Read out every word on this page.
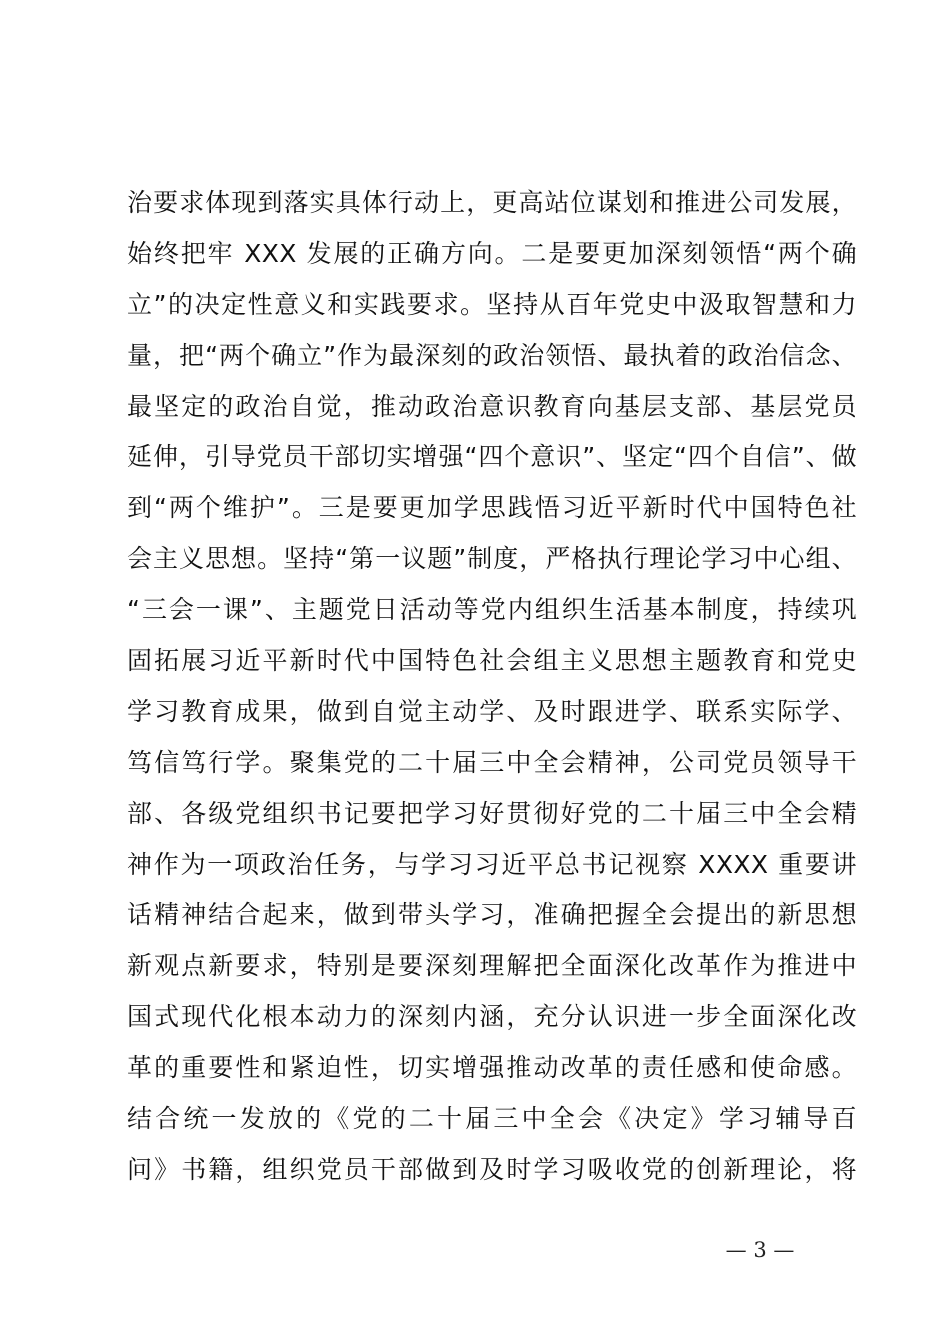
治要求体现到落实具体行动上，更高站位谋划和推进公司发展，
始终把牢 XXX 发展的正确方向。二是要更加深刻领悟“两个确
立”的决定性意义和实践要求。坚持从百年党史中汲取智慧和力
量，把“两个确立”作为最深刻的政治领悟、最执着的政治信念、
最坚定的政治自觉，推动政治意识教育向基层支部、基层党员
延伸，引导党员干部切实增强“四个意识”、坚定“四个自信”、做
到“两个维护”。三是要更加学思践悟习近平新时代中国特色社
会主义思想。坚持“第一议题”制度，严格执行理论学习中心组、
“三会一课”、主题党日活动等党内组织生活基本制度，持续巩
固拓展习近平新时代中国特色社会组主义思想主题教育和党史
学习教育成果，做到自觉主动学、及时跟进学、联系实际学、
笃信笃行学。聚集党的二十届三中全会精神，公司党员领导干
部、各级党组织书记要把学习好贯彻好党的二十届三中全会精
神作为一项政治任务，与学习习近平总书记视察 XXXX 重要讲
话精神结合起来，做到带头学习，准确把握全会提出的新思想
新观点新要求，特别是要深刻理解把全面深化改革作为推进中
国式现代化根本动力的深刻内涵，充分认识进一步全面深化改
革的重要性和紧迫性，切实增强推动改革的责任感和使命感。
结合统一发放的《党的二十届三中全会《决定》学习辅导百
问》书籍，组织党员干部做到及时学习吸收党的创新理论，将
— 3 —
